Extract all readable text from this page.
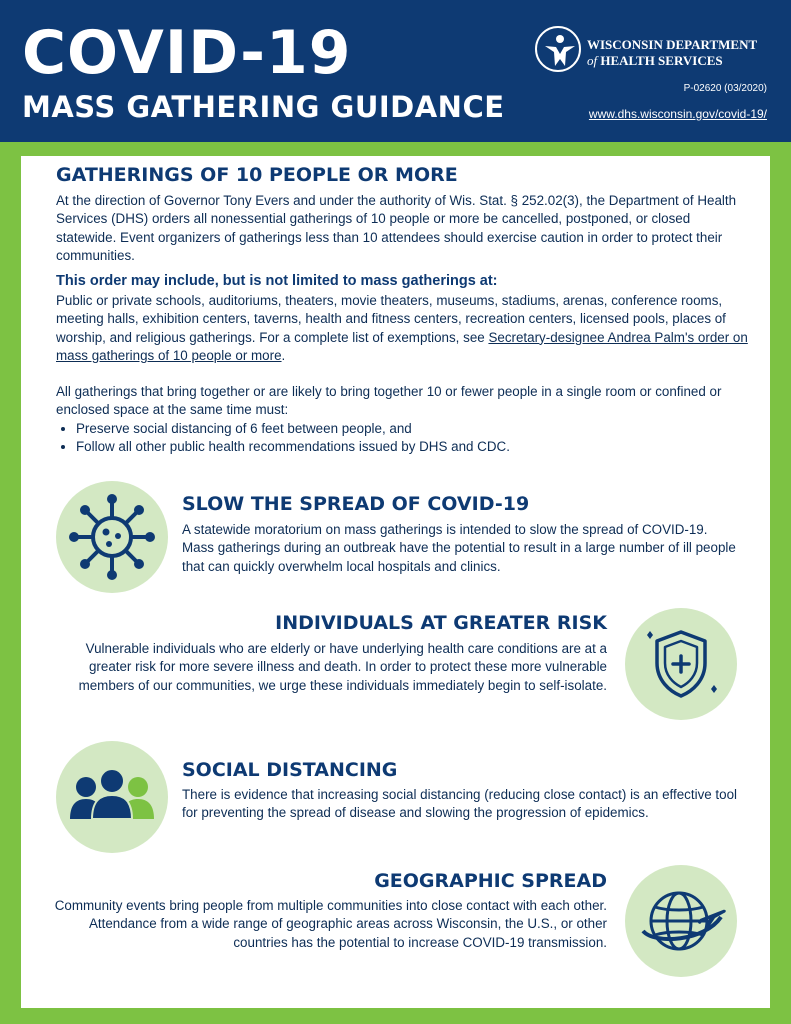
COVID-19
MASS GATHERING GUIDANCE
WISCONSIN DEPARTMENT
of HEALTH SERVICES
P-02620 (03/2020)
www.dhs.wisconsin.gov/covid-19/
GATHERINGS OF 10 PEOPLE OR MORE

At the direction of Governor Tony Evers and under the authority of Wis. Stat. § 252.02(3), the Department of Health Services (DHS) orders all nonessential gatherings of 10 people or more be cancelled, postponed, or closed statewide. Event organizers of gatherings less than 10 attendees should exercise caution in order to protect their communities.

This order may include, but is not limited to mass gatherings at:

Public or private schools, auditoriums, theaters, movie theaters, museums, stadiums, arenas, conference rooms, meeting halls, exhibition centers, taverns, health and fitness centers, recreation centers, licensed pools, places of worship, and religious gatherings. For a complete list of exemptions, see Secretary-designee Andrea Palm's order on mass gatherings of 10 people or more.

All gatherings that bring together or are likely to bring together 10 or fewer people in a single room or confined or enclosed space at the same time must:

• Preserve social distancing of 6 feet between people, and
• Follow all other public health recommendations issued by DHS and CDC.
SLOW THE SPREAD OF COVID-19

A statewide moratorium on mass gatherings is intended to slow the spread of COVID-19. Mass gatherings during an outbreak have the potential to result in a large number of ill people that can quickly overwhelm local hospitals and clinics.

INDIVIDUALS AT GREATER RISK

Vulnerable individuals who are elderly or have underlying health care conditions are at a greater risk for more severe illness and death. In order to protect these more vulnerable members of our communities, we urge these individuals immediately begin to self-isolate.

SOCIAL DISTANCING

There is evidence that increasing social distancing (reducing close contact) is an effective tool for preventing the spread of disease and slowing the progression of epidemics.

GEOGRAPHIC SPREAD

Community events bring people from multiple communities into close contact with each other. Attendance from a wide range of geographic areas across Wisconsin, the U.S., or other countries has the potential to increase COVID-19 transmission.
